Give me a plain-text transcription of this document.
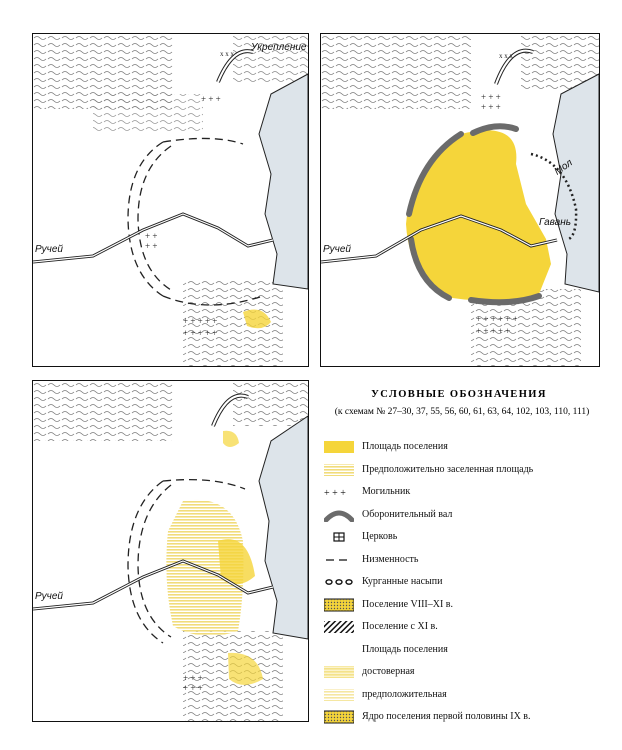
x x x
+ + +
+ +
+ +
+ + + + +
+ + + + +
Укрепление
Ручей
x x x
+ + +
+ + +
+ + + + + +
+ + + + +
Мол
Гавань
Ручей
+ + +
+ + +
Ручей
УСЛОВНЫЕ ОБОЗНАЧЕНИЯ
(к схемам № 27–30, 37, 55, 56, 60, 61, 63, 64, 102, 103, 110, 111)
Площадь поселения
Предположительно заселенная площадь
+ + + Могильник
Оборонительный вал
Церковь
Низменность
Курганные насыпи
Поселение VIII–XI в.
Поселение с XI в.
Площадь поселения
достоверная
предположительная
Ядро поселения первой половины IX в.
